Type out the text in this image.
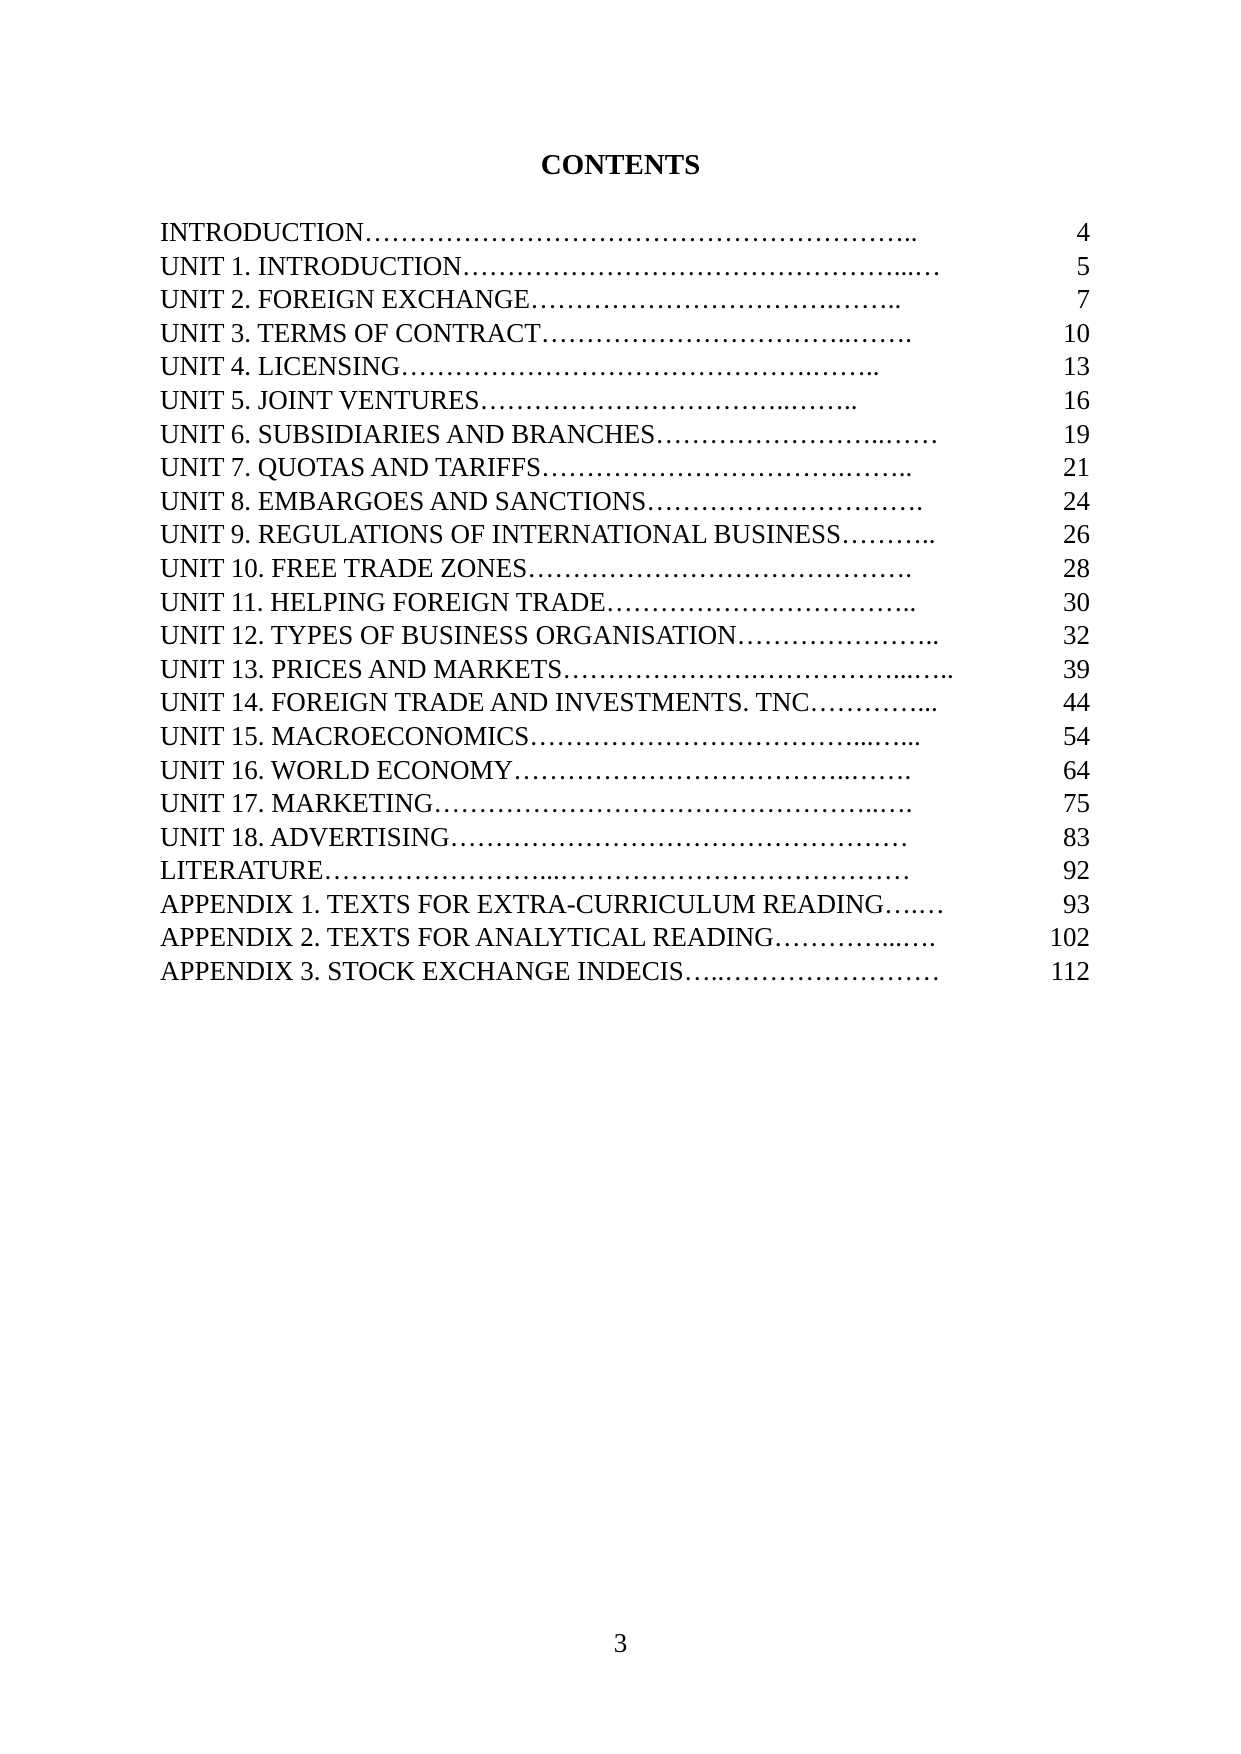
CONTENTS
INTRODUCTION……………………………………………………..	4
UNIT 1. INTRODUCTION…………………………………………...…	5
UNIT 2. FOREIGN EXCHANGE…………………………….……..	7
UNIT 3. TERMS OF CONTRACT……………………………..…….	10
UNIT 4. LICENSING……………………………………….……..	13
UNIT 5. JOINT VENTURES……………………………..……..	16
UNIT 6. SUBSIDIARIES AND BRANCHES……………………..……	19
UNIT 7. QUOTAS AND TARIFFS…………………………….……..	21
UNIT 8. EMBARGOES AND SANCTIONS………………………….	24
UNIT 9. REGULATIONS OF INTERNATIONAL BUSINESS………..	26
UNIT 10. FREE TRADE ZONES…………………………………….	28
UNIT 11. HELPING FOREIGN TRADE……………………………..	30
UNIT 12. TYPES OF BUSINESS ORGANISATION…………………..	32
UNIT 13. PRICES AND MARKETS………………….……………...…..	39
UNIT 14. FOREIGN TRADE AND INVESTMENTS. TNC…………...	44
UNIT 15. MACROECONOMICS………………………………...…...	54
UNIT 16. WORLD ECONOMY………………………………..…….	64
UNIT 17. MARKETING…………………………………………..….	75
UNIT 18. ADVERTISING……………………………………………	83
LITERATURE……………………...…………………………………	92
APPENDIX 1. TEXTS FOR EXTRA-CURRICULUM READING….…	93
APPENDIX 2. TEXTS FOR ANALYTICAL READING…………...….	102
APPENDIX 3. STOCK EXCHANGE INDECIS…..……………………	112
3
